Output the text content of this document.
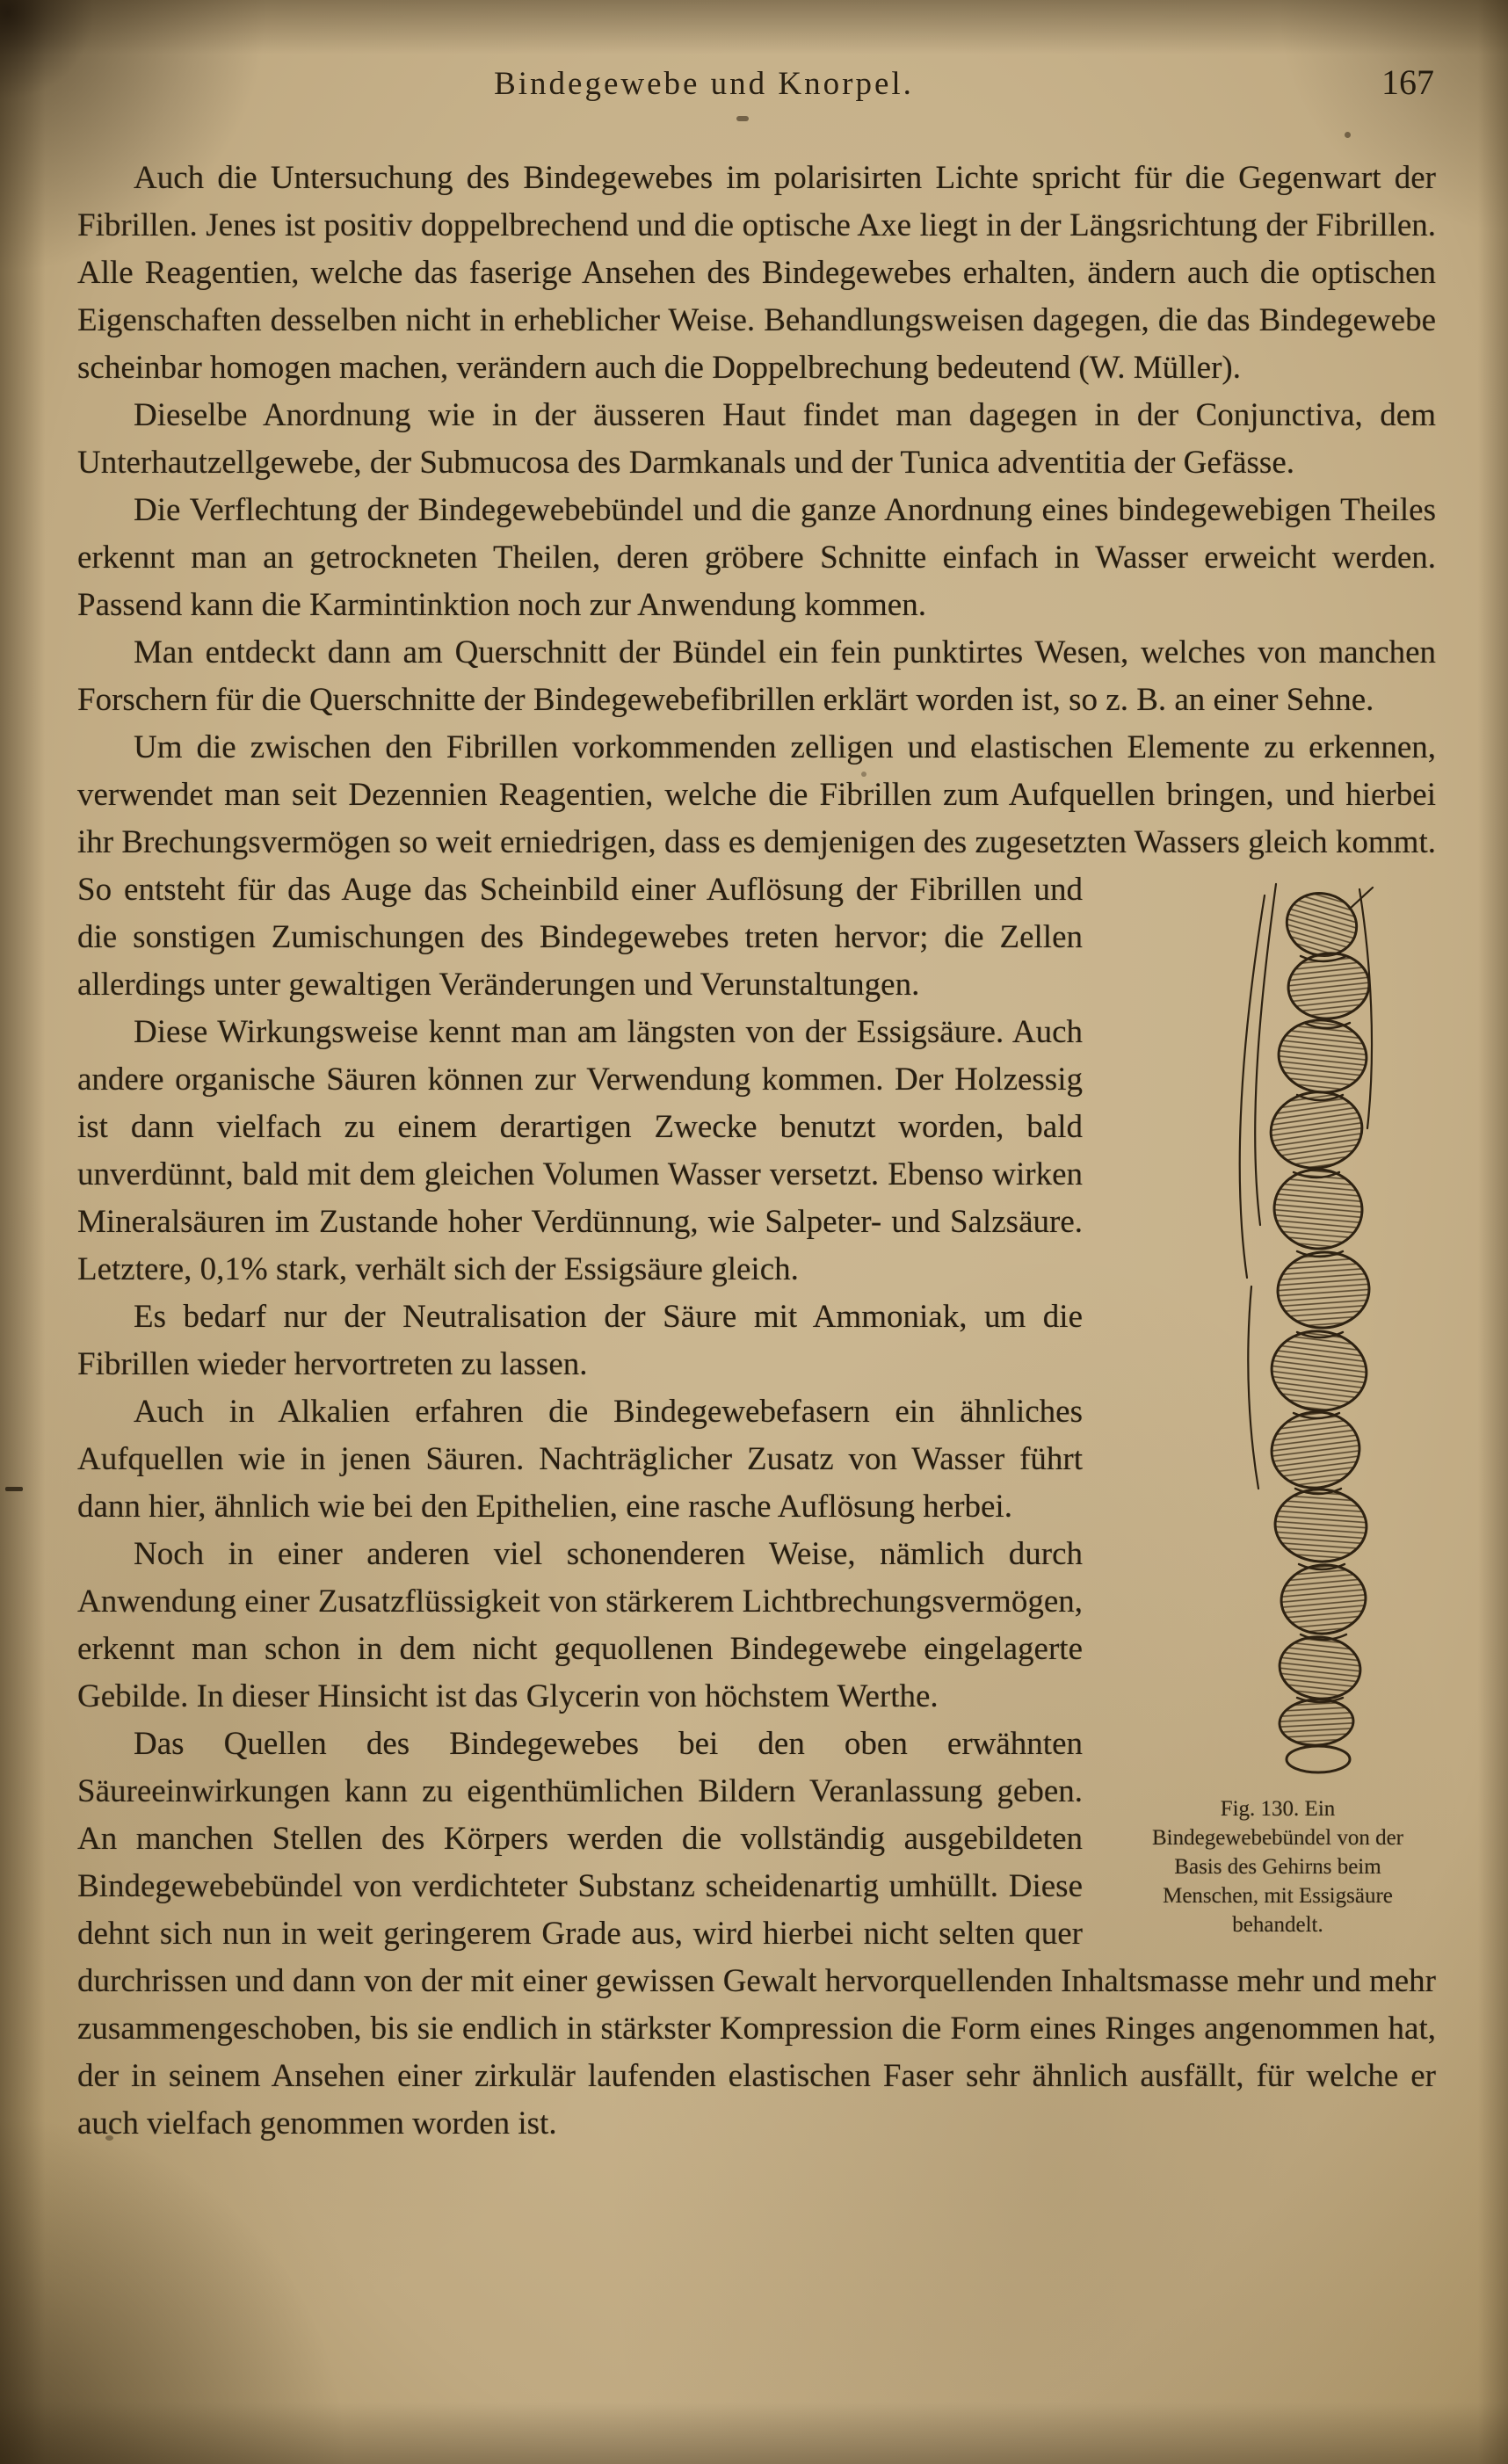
Bindegewebe und Knorpel.	167

Auch die Untersuchung des Bindegewebes im polarisirten Lichte spricht für die Gegenwart der Fibrillen. Jenes ist positiv doppelbrechend und die optische Axe liegt in der Längsrichtung der Fibrillen. Alle Reagentien, welche das faserige Ansehen des Bindegewebes erhalten, ändern auch die optischen Eigenschaften desselben nicht in erheblicher Weise. Behandlungsweisen dagegen, die das Bindegewebe scheinbar homogen machen, verändern auch die Doppelbrechung bedeutend (W. Müller).

Dieselbe Anordnung wie in der äusseren Haut findet man dagegen in der Conjunctiva, dem Unterhautzellgewebe, der Submucosa des Darmkanals und der Tunica adventitia der Gefässe.

Die Verflechtung der Bindegewebebündel und die ganze Anordnung eines bindegewebigen Theiles erkennt man an getrockneten Theilen, deren gröbere Schnitte einfach in Wasser erweicht werden. Passend kann die Karmintinktion noch zur Anwendung kommen.

Man entdeckt dann am Querschnitt der Bündel ein fein punktirtes Wesen, welches von manchen Forschern für die Querschnitte der Bindegewebefibrillen erklärt worden ist, so z. B. an einer Sehne.

Um die zwischen den Fibrillen vorkommenden zelligen und elastischen Elemente zu erkennen, verwendet man seit Dezennien Reagentien, welche die Fibrillen zum Aufquellen bringen, und hierbei ihr Brechungsvermögen so weit erniedrigen, dass es demjenigen des zugesetzten Wassers gleich kommt. So
Fig. 130. Ein Bindegewebebündel von der Basis des Gehirns beim Menschen, mit Essigsäure behandelt.
entsteht für das Auge das Scheinbild einer Auflösung der Fibrillen und die sonstigen Zumischungen des Bindegewebes treten hervor; die Zellen allerdings unter gewaltigen Veränderungen und Verunstaltungen.

Diese Wirkungsweise kennt man am längsten von der Essigsäure. Auch andere organische Säuren können zur Verwendung kommen. Der Holzessig ist dann vielfach zu einem derartigen Zwecke benutzt worden, bald unverdünnt, bald mit dem gleichen Volumen Wasser versetzt. Ebenso wirken Mineralsäuren im Zustande hoher Verdünnung, wie Salpeter- und Salzsäure. Letztere, 0,1% stark, verhält sich der Essigsäure gleich.

Es bedarf nur der Neutralisation der Säure mit Ammoniak, um die Fibrillen wieder hervortreten zu lassen.

Auch in Alkalien erfahren die Bindegewebefasern ein ähnliches Aufquellen wie in jenen Säuren. Nachträglicher Zusatz von Wasser führt dann hier, ähnlich wie bei den Epithelien, eine rasche Auflösung herbei.

Noch in einer anderen viel schonenderen Weise, nämlich durch Anwendung einer Zusatzflüssigkeit von stärkerem Lichtbrechungsvermögen, erkennt man schon in dem nicht gequollenen Bindegewebe eingelagerte Gebilde. In dieser Hinsicht ist das Glycerin von höchstem Werthe.

Das Quellen des Bindegewebes bei den oben erwähnten Säureeinwirkungen kann zu eigenthümlichen Bildern Veranlassung geben. An manchen Stellen des Körpers werden die vollständig ausgebildeten Bindegewebebündel von verdichteter Substanz scheidenartig umhüllt. Diese dehnt sich nun in weit geringerem Grade aus, wird hierbei nicht selten quer durchrissen und dann von der mit einer gewissen Gewalt hervorquellenden Inhaltsmasse mehr und mehr zusammengeschoben, bis sie endlich in stärkster Kompression die Form eines Ringes angenommen hat, der in seinem Ansehen einer zirkulär laufenden elastischen Faser sehr ähnlich ausfällt, für welche er auch vielfach genommen worden ist.
